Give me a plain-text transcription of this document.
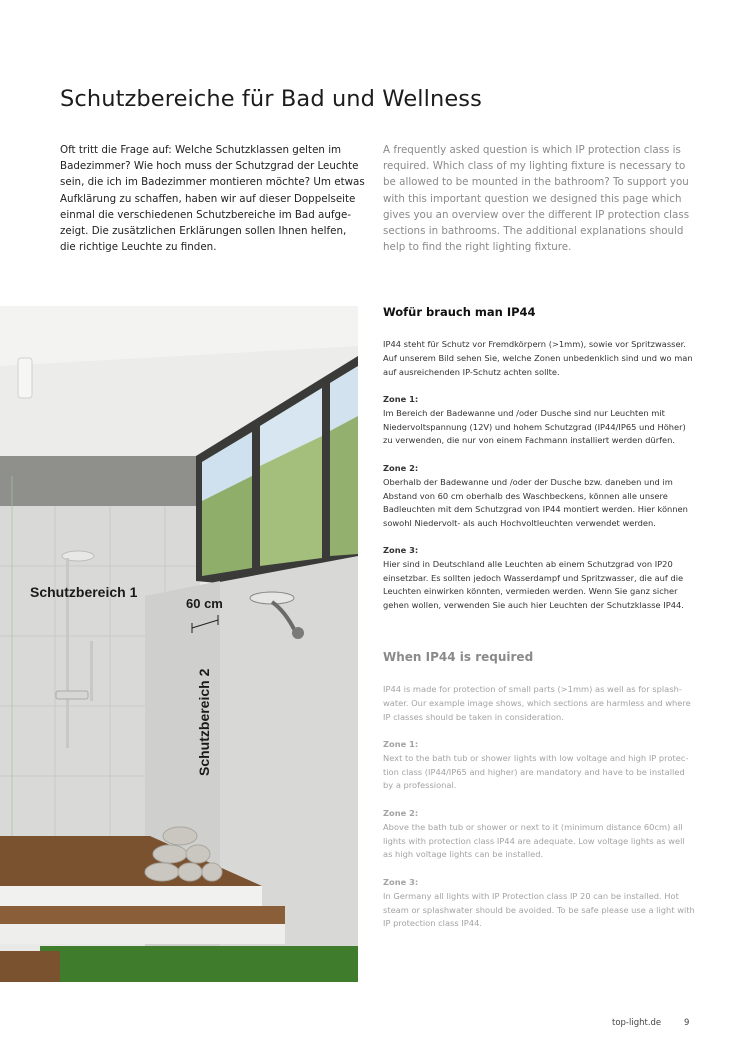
Schutzbereiche für Bad und Wellness

Oft tritt die Frage auf: Welche Schutzklassen gelten im Badezimmer? Wie hoch muss der Schutzgrad der Leuchte sein, die ich im Badezimmer montieren möchte? Um etwas Aufklärung zu schaffen, haben wir auf dieser Doppelseite einmal die verschiedenen Schutzbereiche im Bad aufge-zeigt. Die zusätzlichen Erklärungen sollen Ihnen helfen, die richtige Leuchte zu finden.

A frequently asked question is which IP protection class is required. Which class of my lighting fixture is necessary to be allowed to be mounted in the bathroom? To support you with this important question we designed this page which gives you an overview over the different IP protection class sections in bathrooms. The additional explanations should help to find the right lighting fixture.

Schutzbereich 1
60 cm
Schutzbereich 2
Wofür brauch man IP44

IP44 steht für Schutz vor Fremdkörpern (>1mm), sowie vor Spritzwasser. Auf unserem Bild sehen Sie, welche Zonen unbedenklich sind und wo man auf ausreichenden IP-Schutz achten sollte.

Zone 1:
Im Bereich der Badewanne und /oder Dusche sind nur Leuchten mit Niedervoltspannung (12V) und hohem Schutzgrad (IP44/IP65 und Höher) zu verwenden, die nur von einem Fachmann installiert werden dürfen.

Zone 2:
Oberhalb der Badewanne und /oder der Dusche bzw. daneben und im Abstand von 60 cm oberhalb des Waschbeckens, können alle unsere Badleuchten mit dem Schutzgrad von IP44 montiert werden. Hier können sowohl Niedervolt- als auch Hochvoltleuchten verwendet werden.

Zone 3:
Hier sind in Deutschland alle Leuchten ab einem Schutzgrad von IP20 einsetzbar. Es sollten jedoch Wasserdampf und Spritzwasser, die auf die Leuchten einwirken könnten, vermieden werden. Wenn Sie ganz sicher gehen wollen, verwenden Sie auch hier Leuchten der Schutzklasse IP44.

When IP44 is required

IP44 is made for protection of small parts (>1mm) as well as for splash-water. Our example image shows, which sections are harmless and where IP classes should be taken in consideration.

Zone 1:
Next to the bath tub or shower lights with low voltage and high IP protec-tion class (IP44/IP65 and higher) are mandatory and have to be installed by a professional.

Zone 2:
Above the bath tub or shower or next to it (minimum distance 60cm) all lights with protection class IP44 are adequate. Low voltage lights as well as high voltage lights can be installed.

Zone 3:
In Germany all lights with IP Protection class IP 20 can be installed. Hot steam or splashwater should be avoided. To be safe please use a light with IP protection class IP44.

top-light.de	9
